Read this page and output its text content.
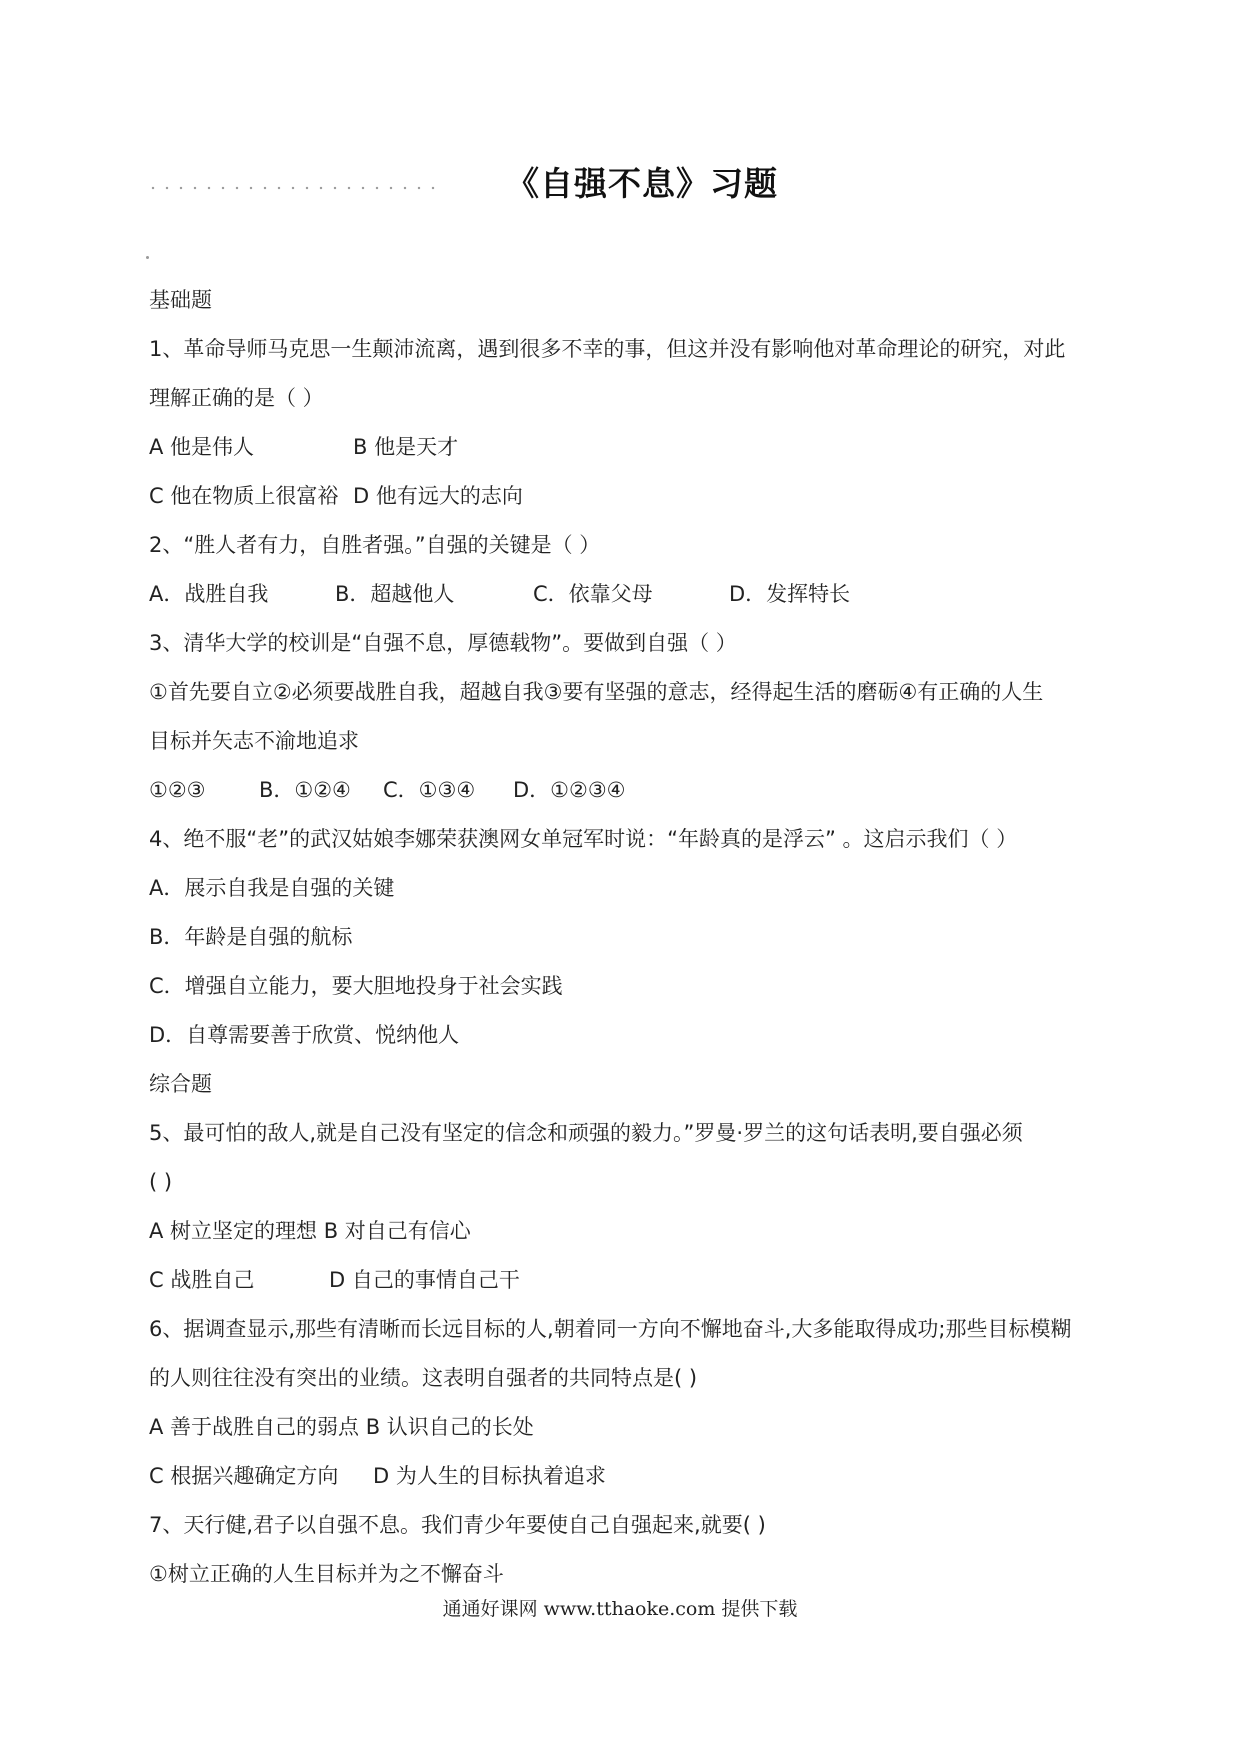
《自强不息》习题
基础题
1、革命导师马克思一生颠沛流离，遇到很多不幸的事，但这并没有影响他对革命理论的研究，对此
理解正确的是（ ）
A 他是伟人	B 他是天才
C 他在物质上很富裕 D 他有远大的志向
2、“胜人者有力，自胜者强。”自强的关键是（ ）
A．战胜自我	B．超越他人	C．依靠父母	D．发挥特长
3、清华大学的校训是“自强不息，厚德载物”。要做到自强（ ）
①首先要自立②必须要战胜自我，超越自我③要有坚强的意志，经得起生活的磨砺④有正确的人生
目标并矢志不渝地追求
①②③	B．①②④	C．①③④	D．①②③④
4、绝不服“老”的武汉姑娘李娜荣获澳网女单冠军时说：“年龄真的是浮云” 。这启示我们（ ）
A．展示自我是自强的关键
B．年龄是自强的航标
C．增强自立能力，要大胆地投身于社会实践
D．自尊需要善于欣赏、悦纳他人
综合题
5、最可怕的敌人,就是自己没有坚定的信念和顽强的毅力。”罗曼·罗兰的这句话表明,要自强必须
( )
A 树立坚定的理想 B 对自己有信心
C 战胜自己	D 自己的事情自己干
6、据调查显示,那些有清晰而长远目标的人,朝着同一方向不懈地奋斗,大多能取得成功;那些目标模糊
的人则往往没有突出的业绩。这表明自强者的共同特点是( )
A 善于战胜自己的弱点 B 认识自己的长处
C 根据兴趣确定方向	D 为人生的目标执着追求
7、天行健,君子以自强不息。我们青少年要使自己自强起来,就要( )
①树立正确的人生目标并为之不懈奋斗
通通好课网 www.tthaoke.com 提供下载
